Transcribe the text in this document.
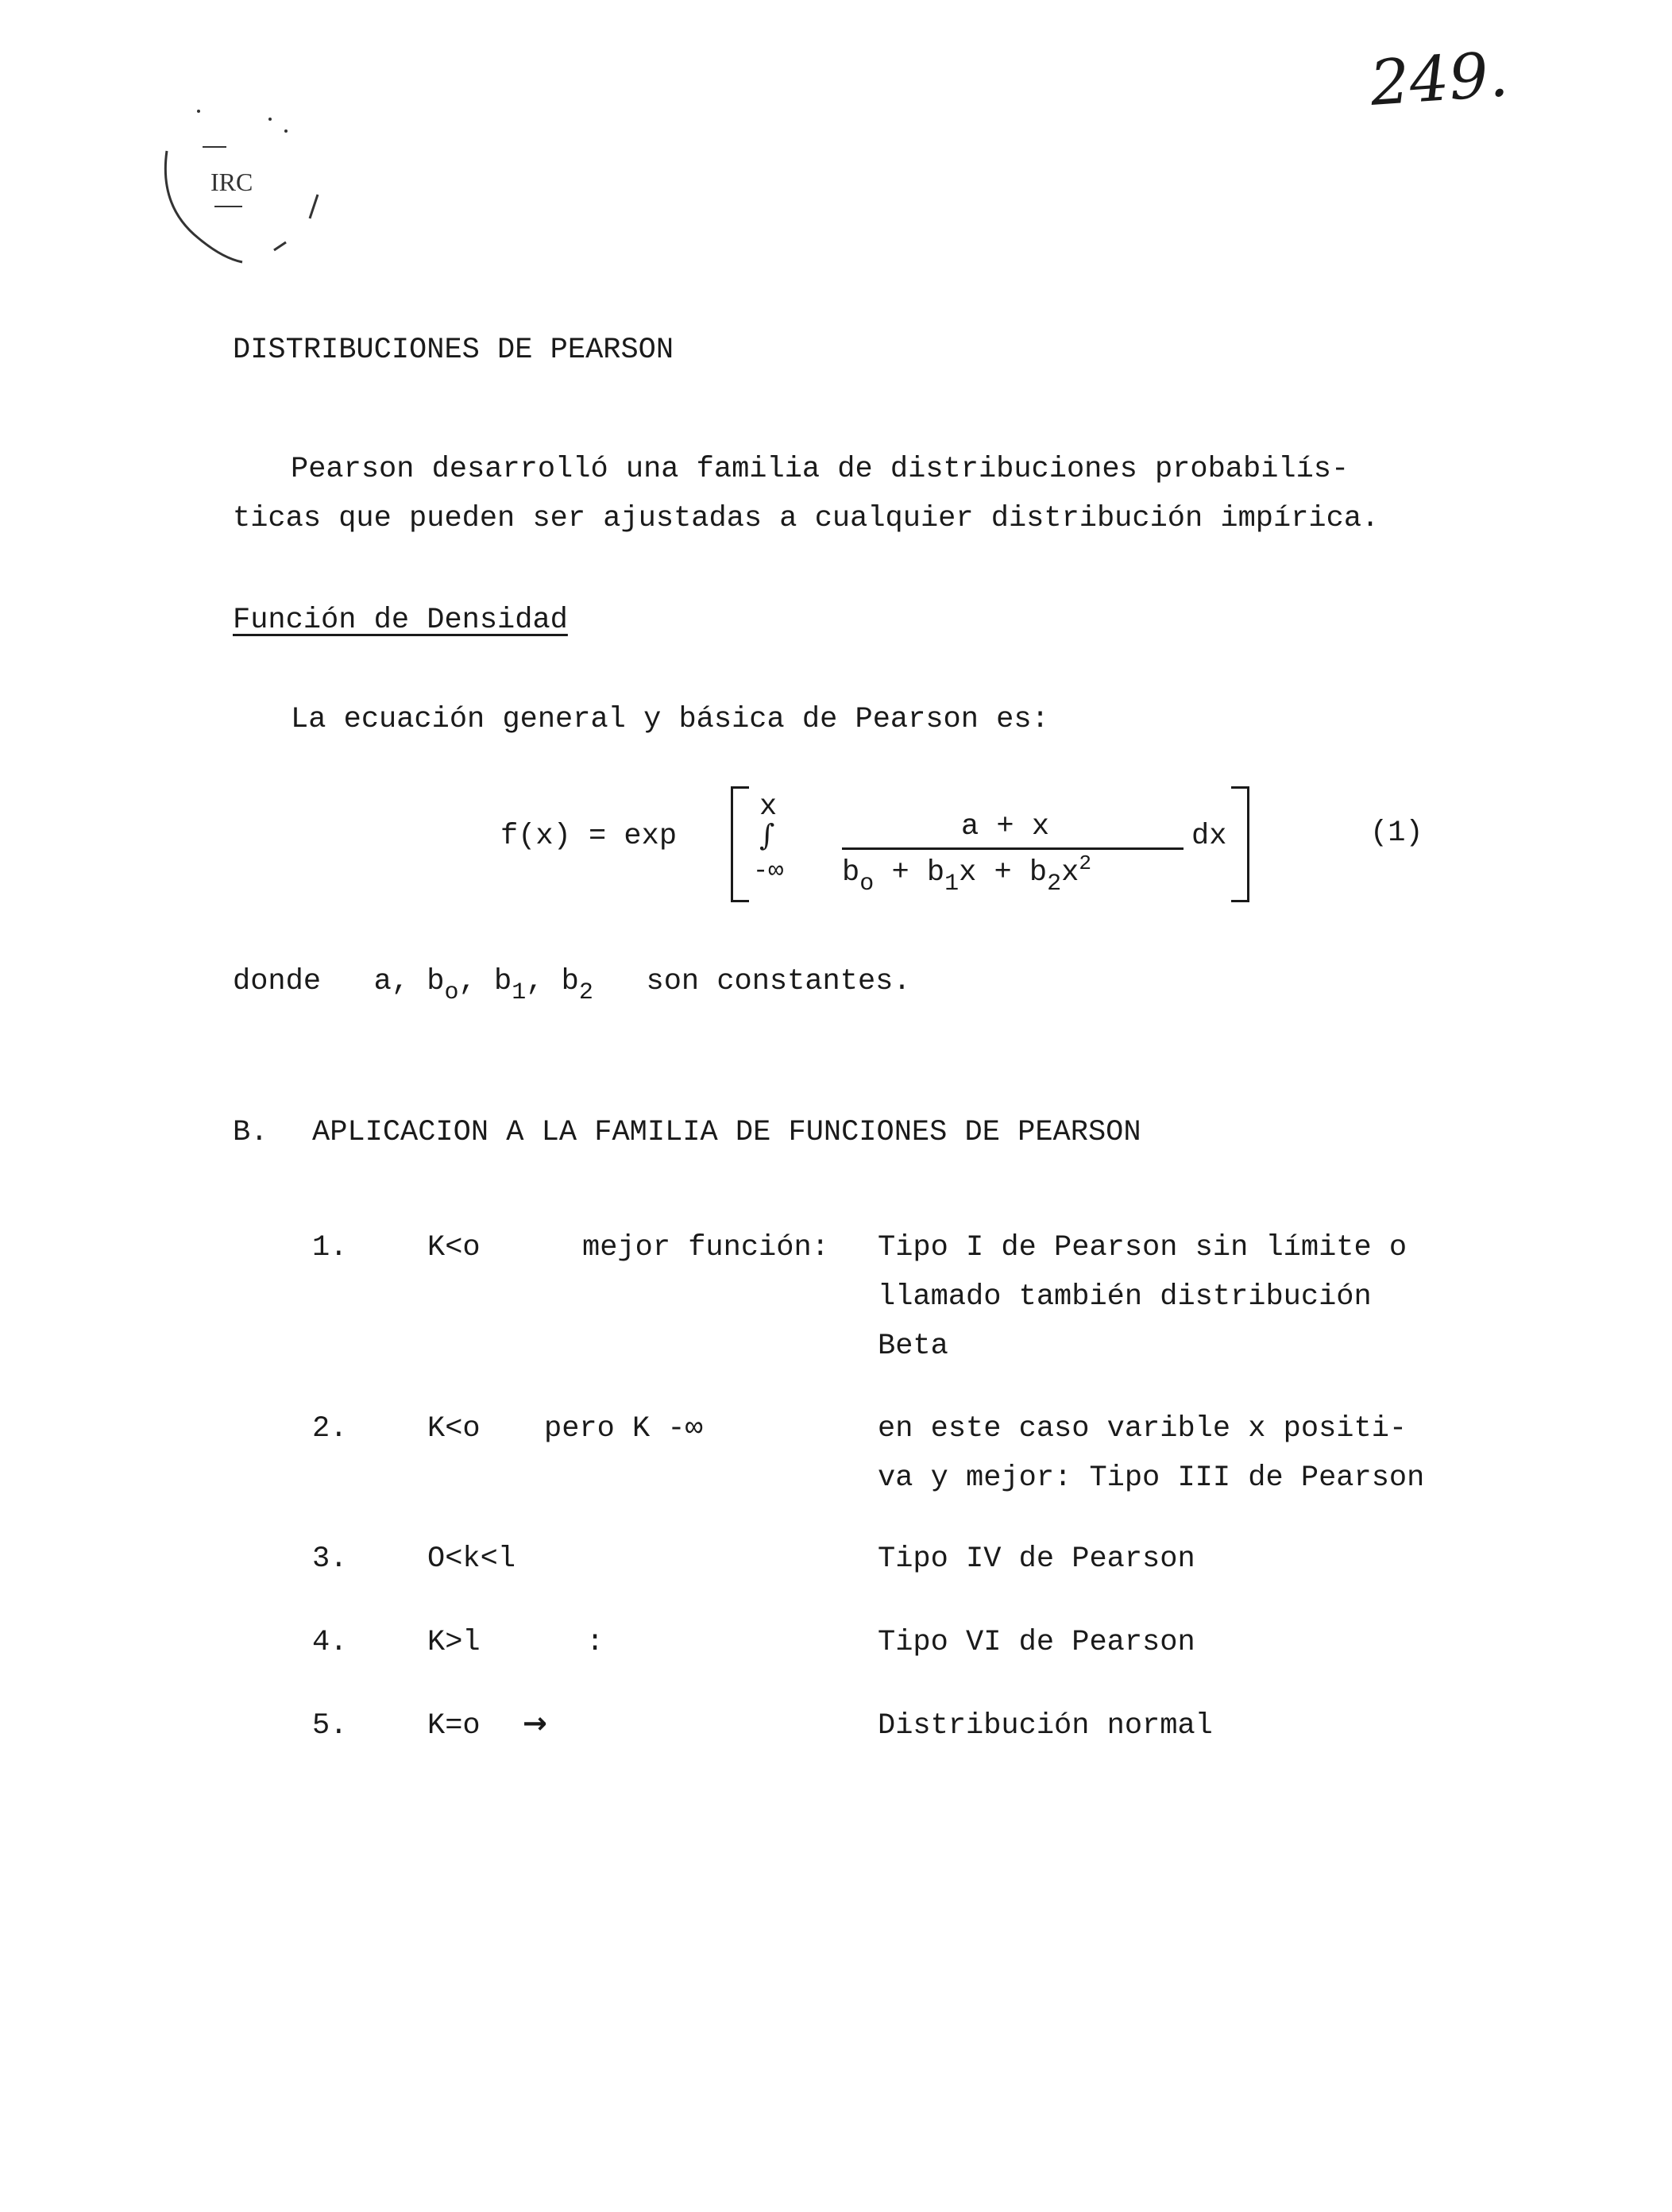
249.
IRC
DISTRIBUCIONES DE PEARSON
Pearson desarrolló una familia de distribuciones probabilís-
ticas que pueden ser ajustadas a cualquier distribución impírica.
Función de Densidad
La ecuación general y básica de Pearson es:
f(x) = exp
x
∫
-∞
a + x
$b_o + b_1x + b_2x^2$
dx	(1)
donde a, $b_o$, $b_1$, $b_2$ son constantes.
B. APLICACION A LA FAMILIA DE FUNCIONES DE PEARSON
1.	K<o	mejor función: Tipo I de Pearson sin límite o
llamado también distribución
Beta
2.	K<o pero K -∞	en este caso varible x positi-
va y mejor: Tipo III de Pearson
3.	O<k<l	Tipo IV de Pearson
4.	K>l	:	Tipo VI de Pearson
5.	K=o →	Distribución normal
